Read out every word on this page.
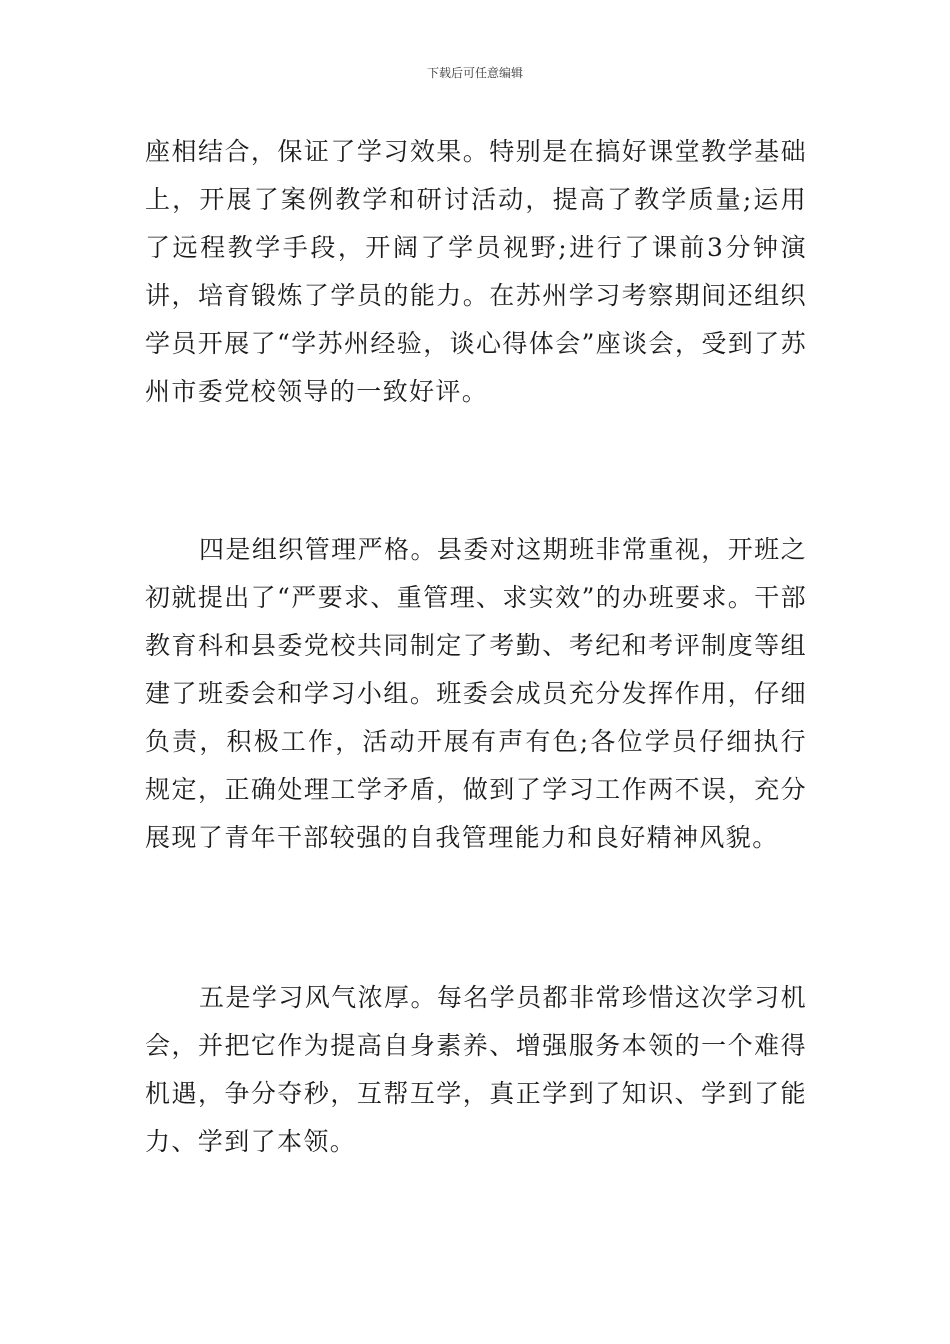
下载后可任意编辑

座相结合，保证了学习效果。特别是在搞好课堂教学基础上，开展了案例教学和研讨活动，提高了教学质量;运用了远程教学手段，开阔了学员视野;进行了课前3分钟演讲，培育锻炼了学员的能力。在苏州学习考察期间还组织学员开展了“学苏州经验，谈心得体会”座谈会，受到了苏州市委党校领导的一致好评。

四是组织管理严格。县委对这期班非常重视，开班之初就提出了“严要求、重管理、求实效”的办班要求。干部教育科和县委党校共同制定了考勤、考纪和考评制度等组建了班委会和学习小组。班委会成员充分发挥作用，仔细负责，积极工作，活动开展有声有色;各位学员仔细执行规定，正确处理工学矛盾，做到了学习工作两不误，充分展现了青年干部较强的自我管理能力和良好精神风貌。

五是学习风气浓厚。每名学员都非常珍惜这次学习机会，并把它作为提高自身素养、增强服务本领的一个难得机遇，争分夺秒，互帮互学，真正学到了知识、学到了能力、学到了本领。
